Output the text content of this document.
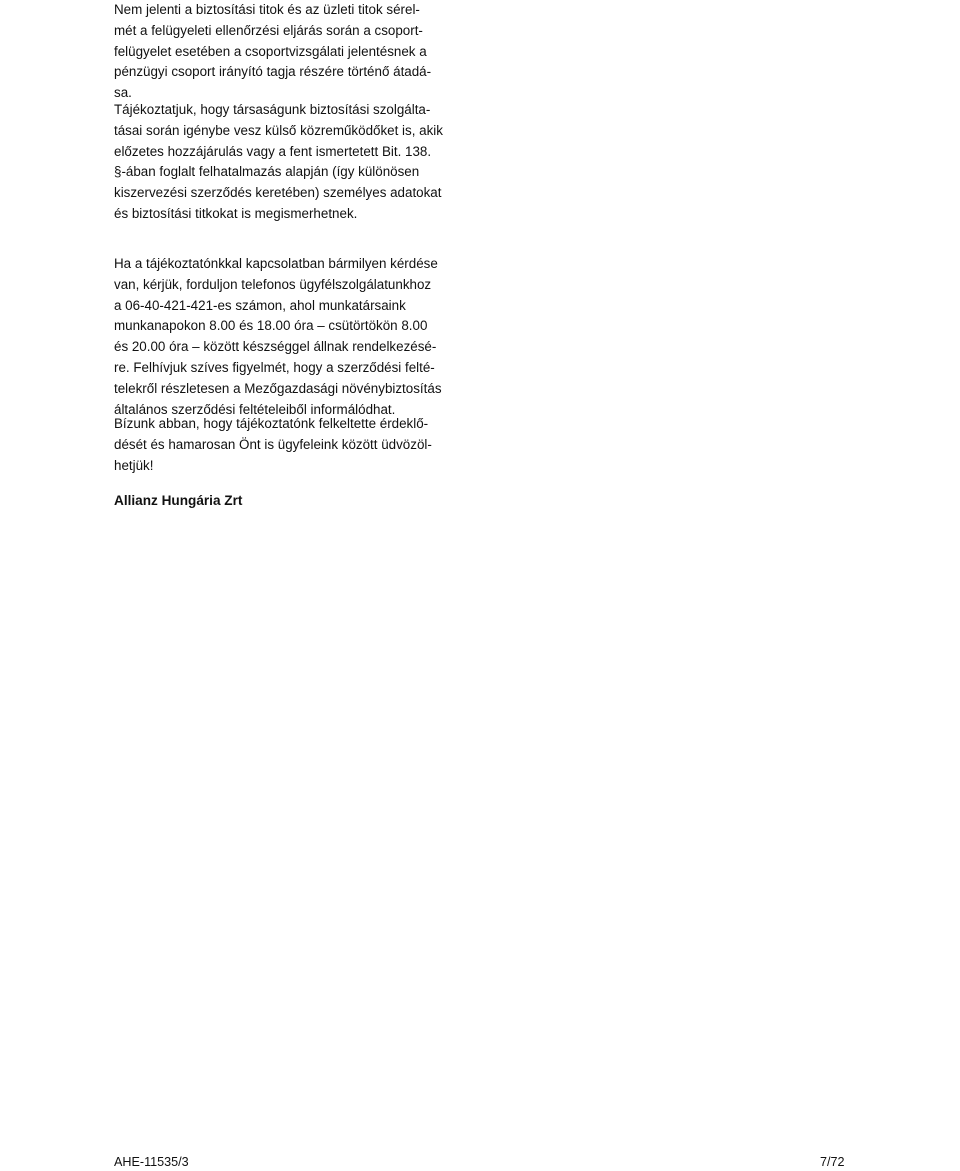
Nem jelenti a biztosítási titok és az üzleti titok sérel-
mét a felügyeleti ellenőrzési eljárás során a csoport-
felügyelet esetében a csoportvizsgálati jelentésnek a
pénzügyi csoport irányító tagja részére történő átadá-
sa.

Tájékoztatjuk, hogy társaságunk biztosítási szolgálta-
tásai során igénybe vesz külső közreműködőket is, akik
előzetes hozzájárulás vagy a fent ismertetett Bit. 138.
§-ában foglalt felhatalmazás alapján (így különösen
kiszervezési szerződés keretében) személyes adatokat
és biztosítási titkokat is megismerhetnek.

Ha a tájékoztatónkkal kapcsolatban bármilyen kérdése
van, kérjük, forduljon telefonos ügyfélszolgálatunkhoz
a 06-40-421-421-es számon, ahol munkatársaink
munkanapokon 8.00 és 18.00 óra – csütörtökön 8.00
és 20.00 óra – között készséggel állnak rendelkezésé-
re. Felhívjuk szíves figyelmét, hogy a szerződési felté-
telekről részletesen a Mezőgazdasági növénybiztosítás
általános szerződési feltételeiből informálódhat.

Bízunk abban, hogy tájékoztatónk felkeltette érdeklő-
dését és hamarosan Önt is ügyfeleink között üdvözöl-
hetjük!

Allianz Hungária Zrt
AHE-11535/3	7/72
